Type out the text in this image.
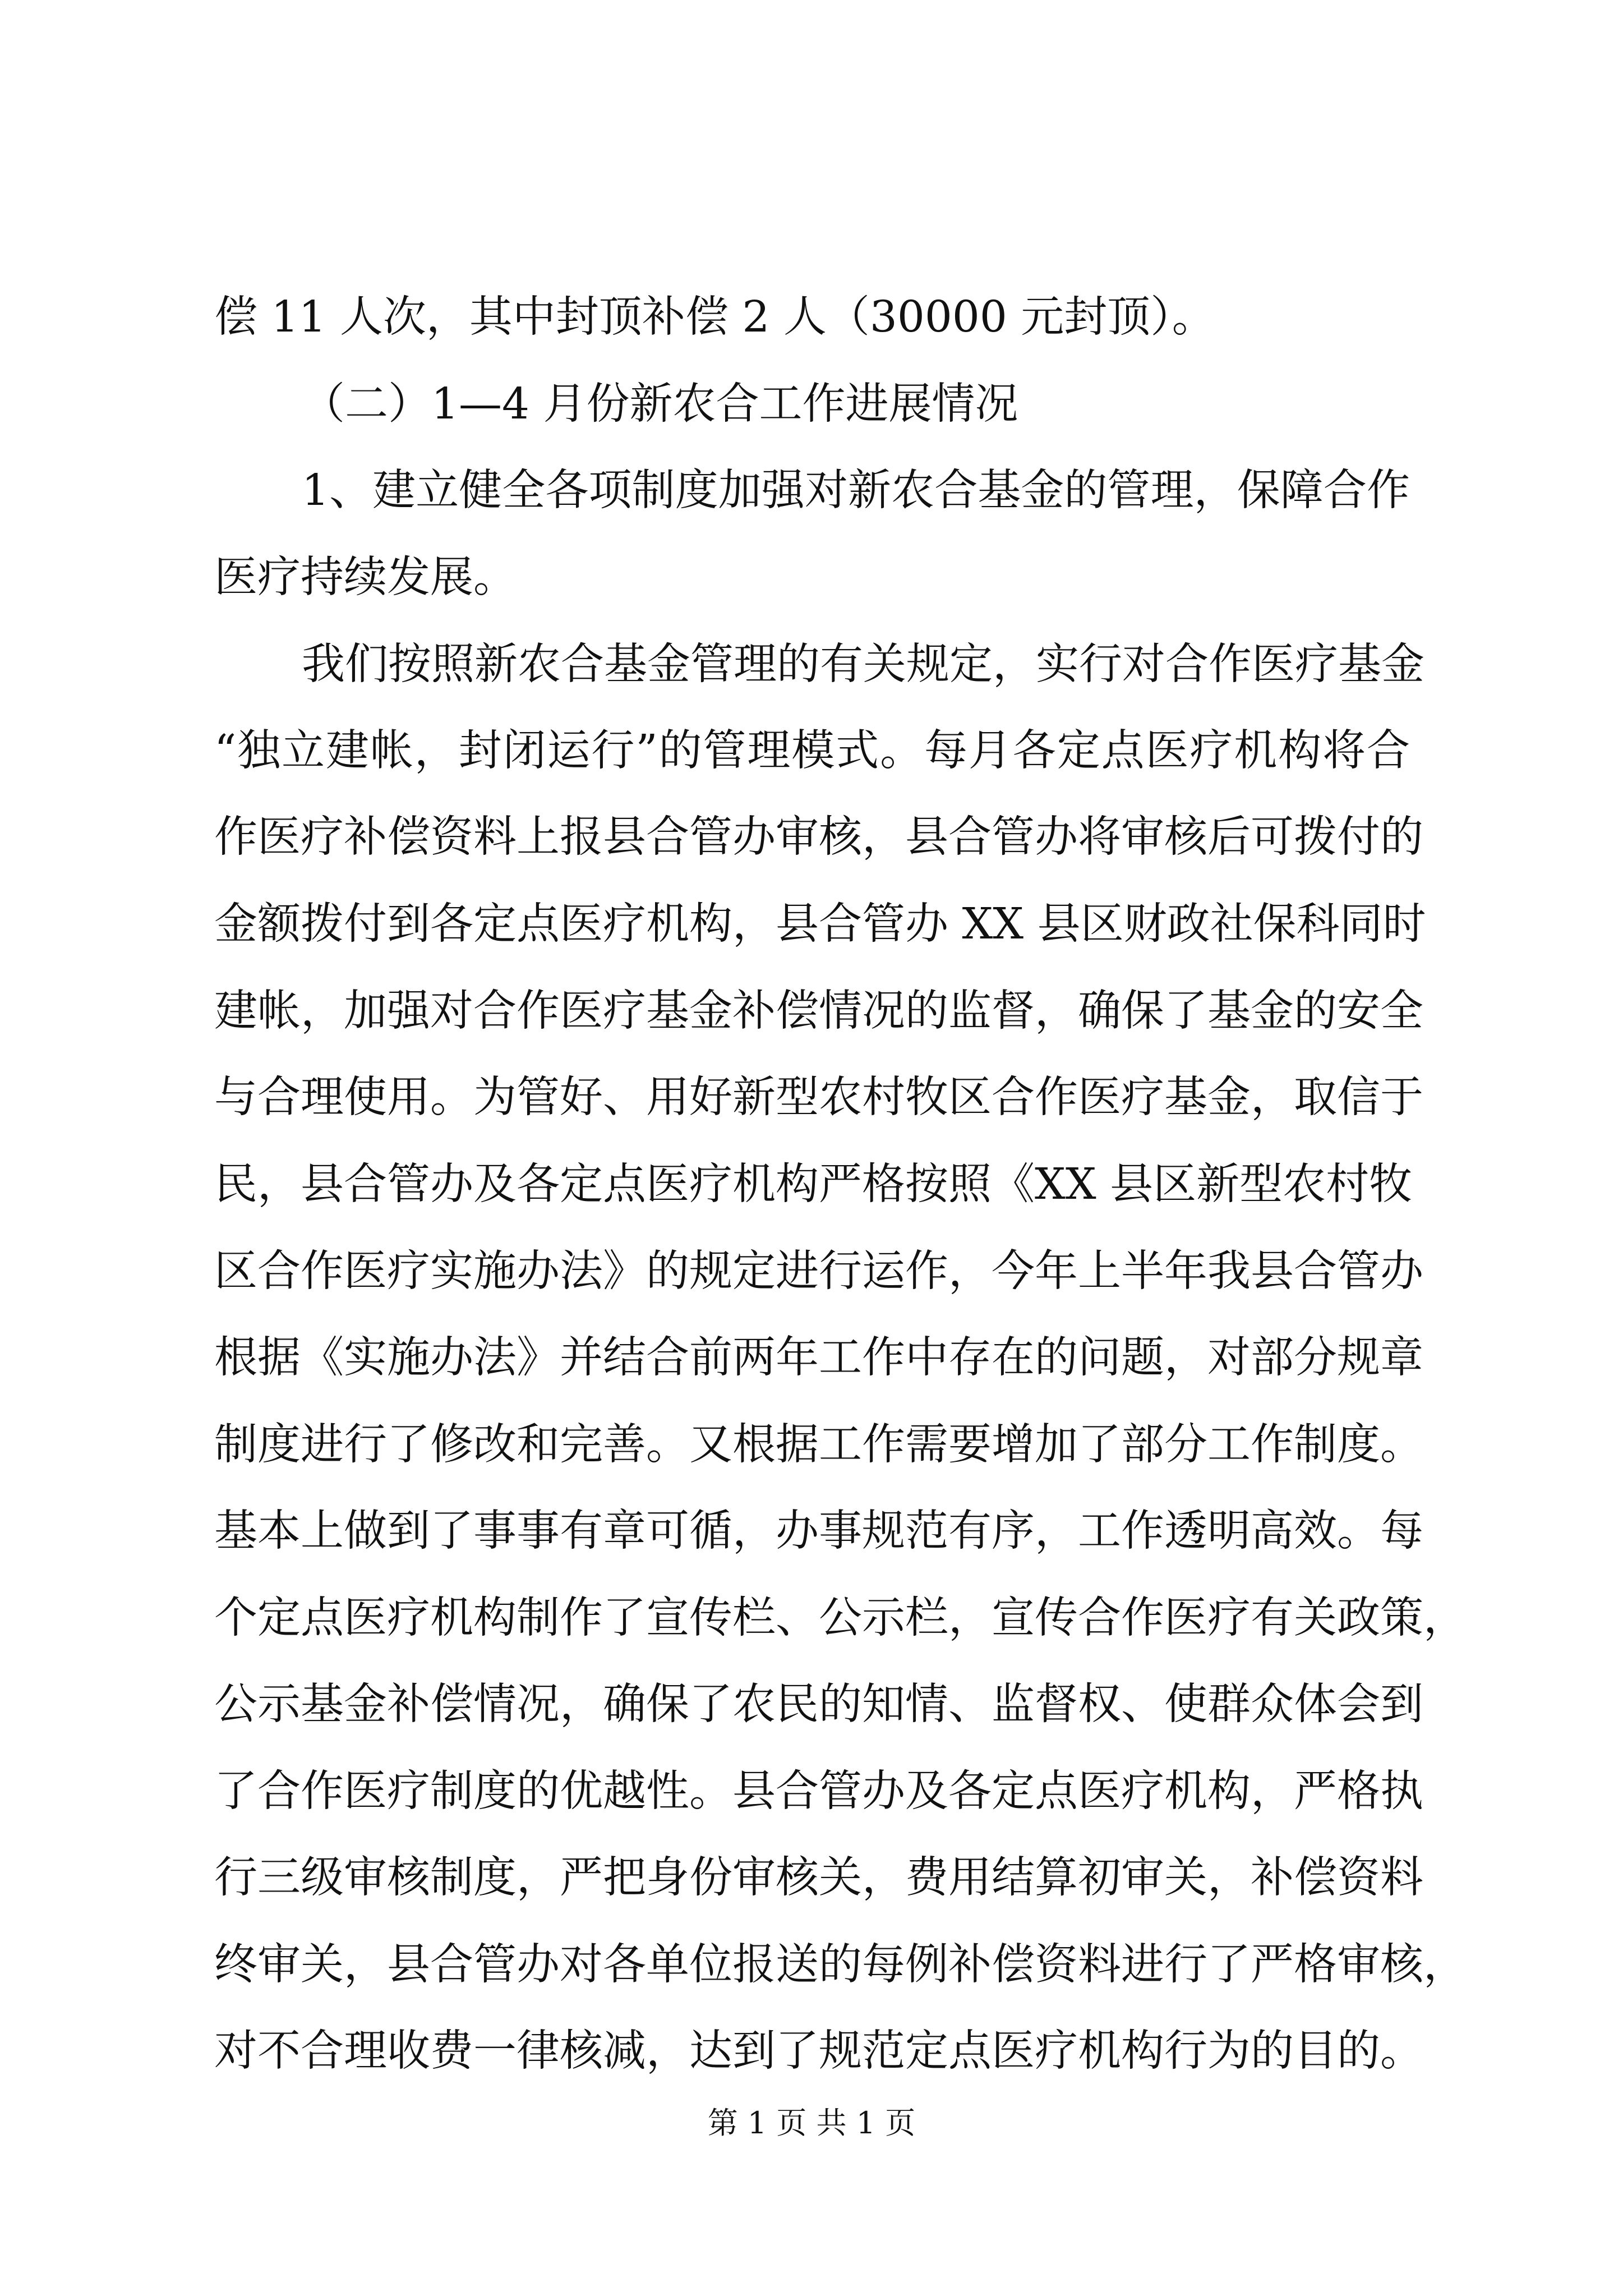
偿 11 人次，其中封顶补偿 2 人（30000 元封顶）。
（二）1—4 月份新农合工作进展情况
1、建立健全各项制度加强对新农合基金的管理，保障合作
医疗持续发展。
我们按照新农合基金管理的有关规定，实行对合作医疗基金
“独立建帐，封闭运行”的管理模式。每月各定点医疗机构将合
作医疗补偿资料上报县合管办审核，县合管办将审核后可拨付的
金额拨付到各定点医疗机构，县合管办 XX 县区财政社保科同时
建帐，加强对合作医疗基金补偿情况的监督，确保了基金的安全
与合理使用。为管好、用好新型农村牧区合作医疗基金，取信于
民，县合管办及各定点医疗机构严格按照《XX 县区新型农村牧
区合作医疗实施办法》的规定进行运作，今年上半年我县合管办
根据《实施办法》并结合前两年工作中存在的问题，对部分规章
制度进行了修改和完善。又根据工作需要增加了部分工作制度。
基本上做到了事事有章可循，办事规范有序，工作透明高效。每
个定点医疗机构制作了宣传栏、公示栏，宣传合作医疗有关政策，
公示基金补偿情况，确保了农民的知情、监督权、使群众体会到
了合作医疗制度的优越性。县合管办及各定点医疗机构，严格执
行三级审核制度，严把身份审核关，费用结算初审关，补偿资料
终审关，县合管办对各单位报送的每例补偿资料进行了严格审核，
对不合理收费一律核减，达到了规范定点医疗机构行为的目的。
第 1 页 共 1 页
